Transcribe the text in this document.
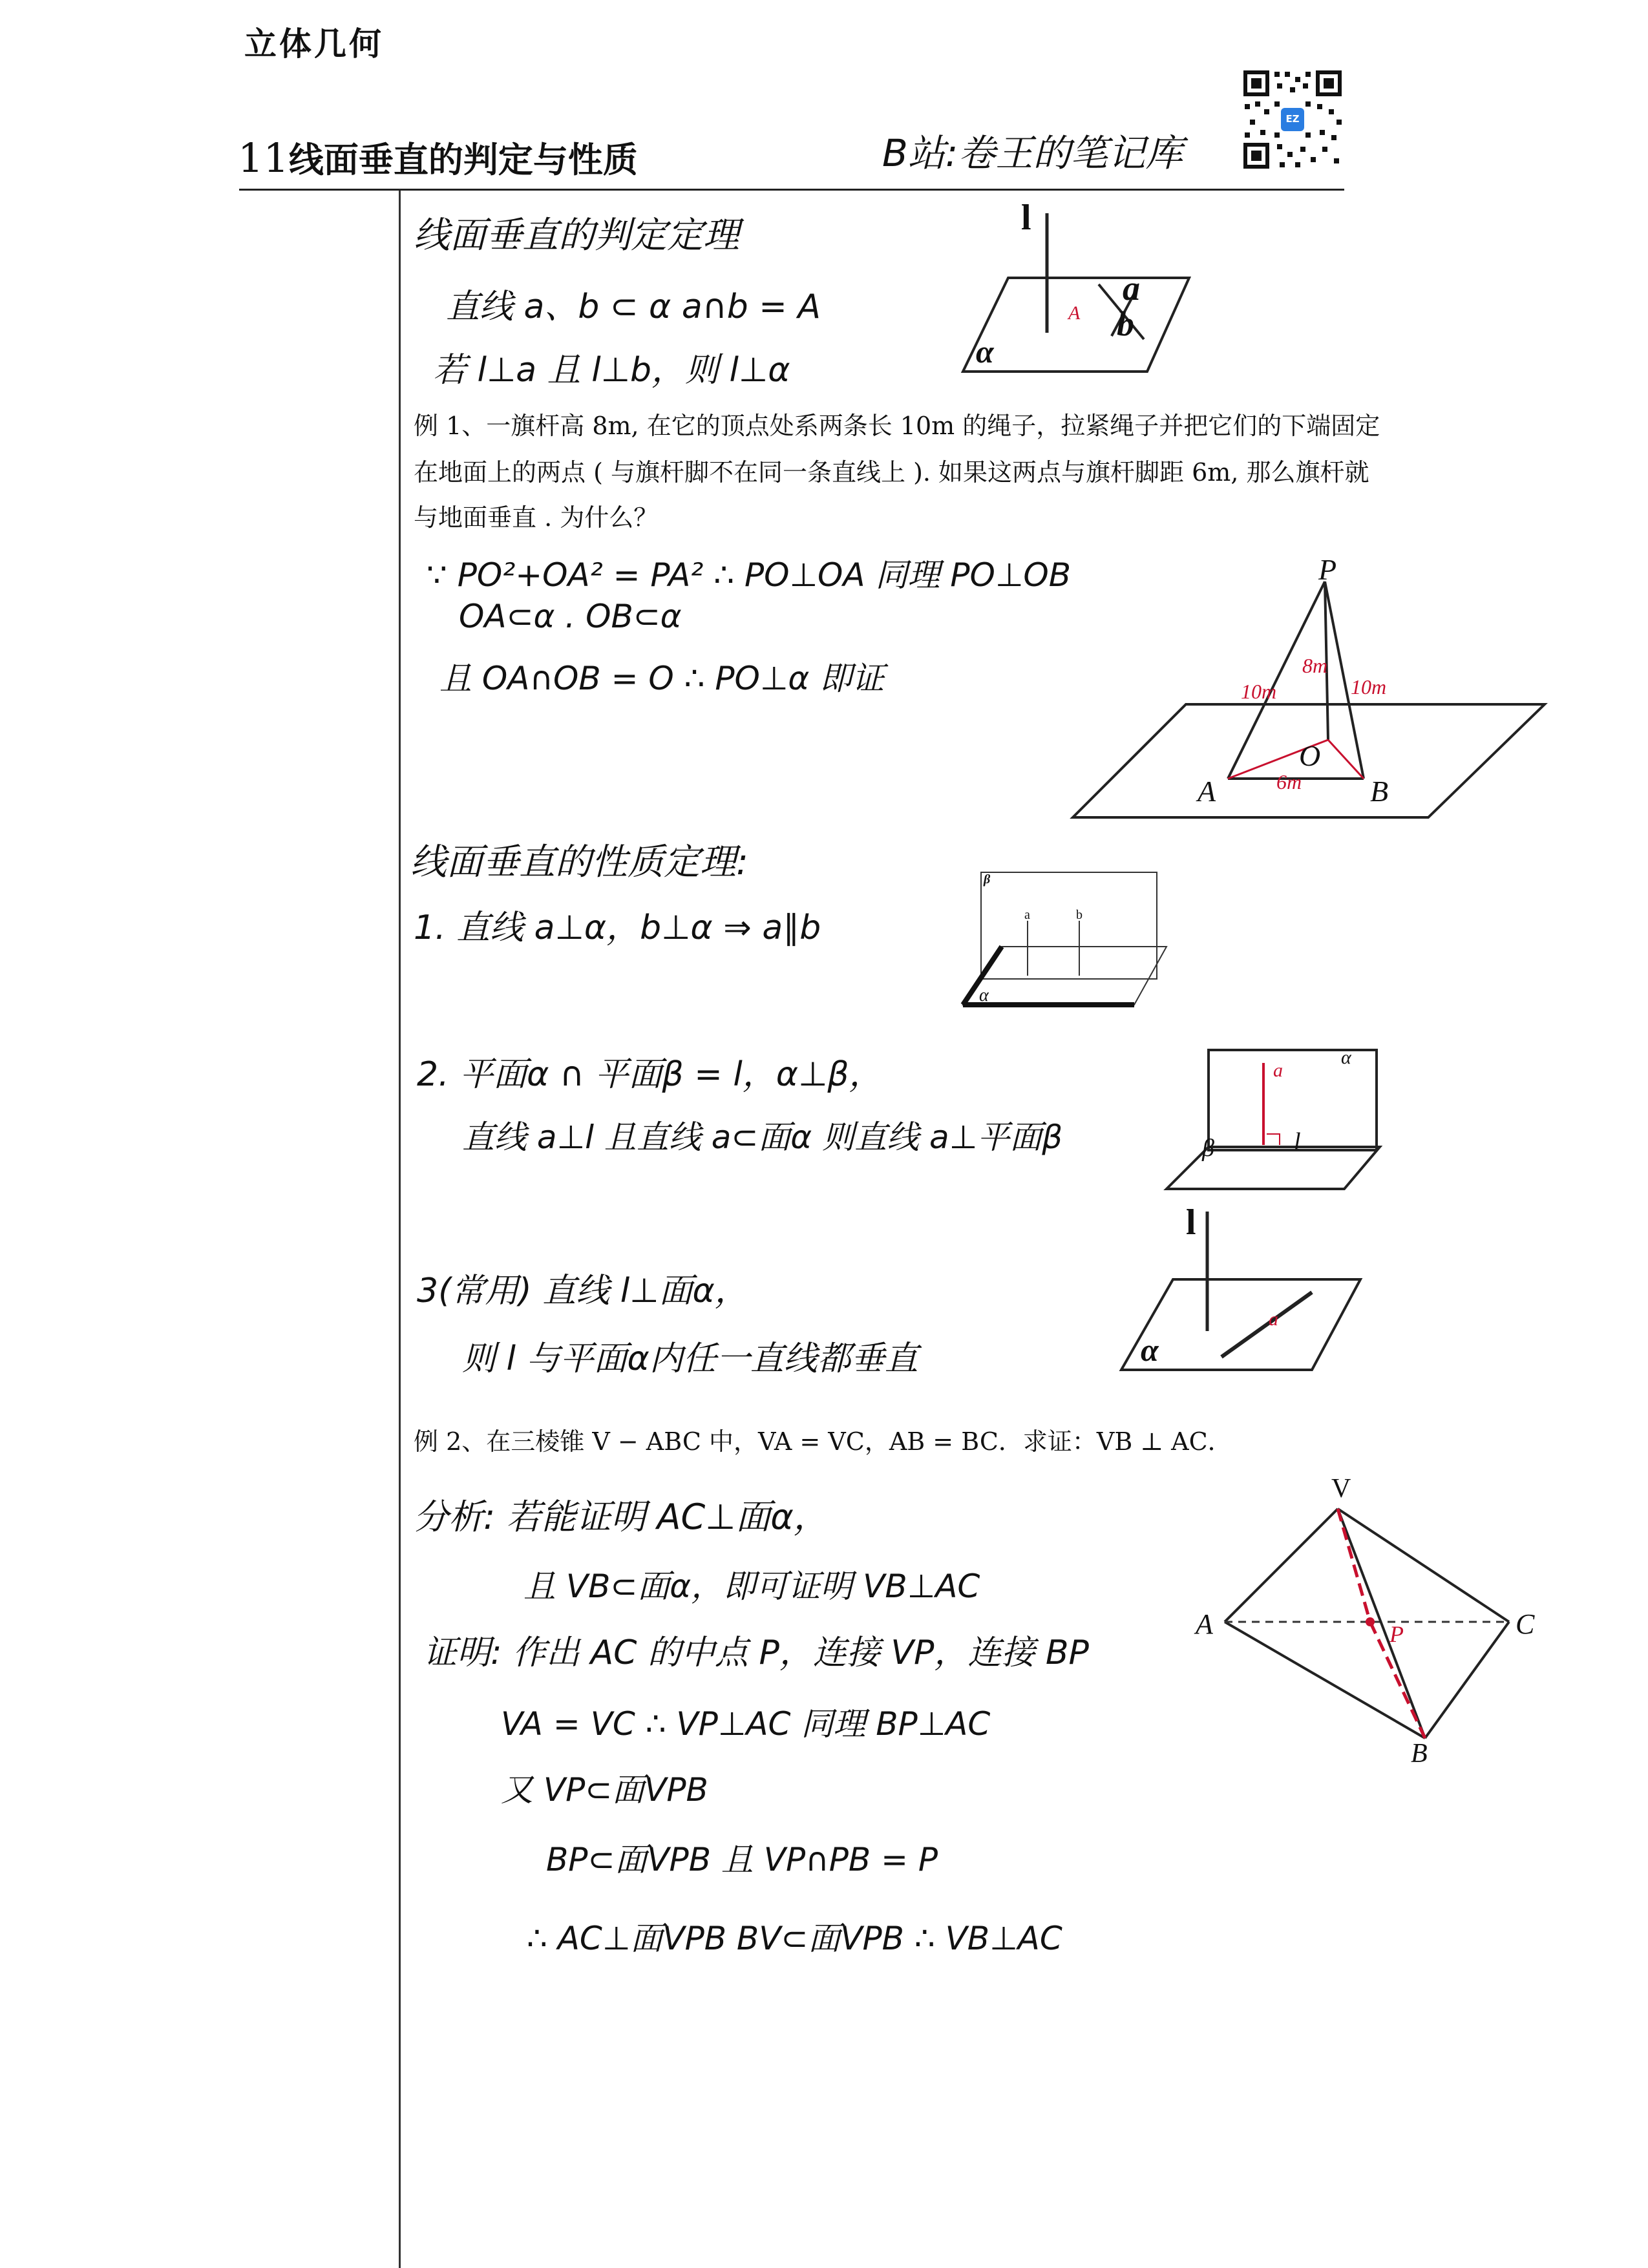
立体几何
11线面垂直的判定与性质	B站:卷王的笔记库
EZ
线面垂直的判定定理
直线 a、b ⊂ α a∩b = A
若 l⊥a 且 l⊥b，则 l⊥α
l
a
b
A
α
例 1、一旗杆高 8m, 在它的顶点处系两条长 10m 的绳子，拉紧绳子并把它们的下端固定
在地面上的两点 ( 与旗杆脚不在同一条直线上 ). 如果这两点与旗杆脚距 6m, 那么旗杆就
与地面垂直 . 为什么？
∵ PO²+OA² = PA² ∴ PO⊥OA 同理 PO⊥OB
OA⊂α . OB⊂α
且 OA∩OB = O ∴ PO⊥α 即证
P
O
A	B
10m	10m
8m
6m
线面垂直的性质定理:
1. 直线 a⊥α，b⊥α ⇒ a∥b
β
a	b
α
2. 平面α ∩ 平面β = l，α⊥β，
直线 a⊥l 且直线 a⊂面α 则直线 a⊥平面β
a
α
β	l
3(常用) 直线 l⊥面α，
则 l 与平面α内任一直线都垂直
l
a
α
例 2、在三棱锥 V − ABC 中，VA = VC，AB = BC．求证：VB ⊥ AC．
分析: 若能证明 AC⊥面α，
且 VB⊂面α，即可证明 VB⊥AC
证明: 作出 AC 的中点 P，连接 VP，连接 BP
VA = VC ∴ VP⊥AC 同理 BP⊥AC
又 VP⊂面VPB
BP⊂面VPB 且 VP∩PB = P
∴ AC⊥面VPB BV⊂面VPB ∴ VB⊥AC
V
A	C
B
P
